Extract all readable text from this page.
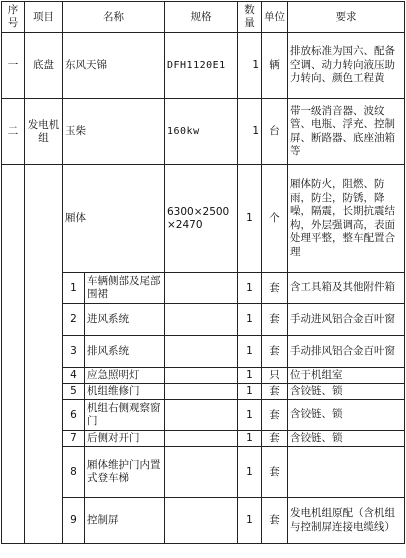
序号	项目	名称		规格	数量	单位	要求
一	底盘	东风天锦		DFH1120E1	1	辆	排放标准为国六、配备空调、动力转向液压助力转向、颜色工程黄
二	发电机组	玉柴		160kw	1	台	带一级消音器、波纹管、电瓶、浮充、控制屏、断路器、底座油箱等
		厢体		6300×2500×2470	1	个	厢体防火，阻燃、防雨，防尘，防锈，降噪，隔震，长期抗震结构，外层强调高，表面处理平整，整车配置合理
		1	车辆侧部及尾部围裙		1	套	含工具箱及其他附件箱
		2	进风系统		1	套	手动进风铝合金百叶窗
		3	排风系统		1	套	手动排风铝合金百叶窗
		4	应急照明灯		1	只	位于机组室
		5	机组维修门		1	套	含铰链、锁
		6	机组右侧观察窗门		1	套	含铰链、锁
		7	后侧对开门		1	套	含铰链、锁
		8	厢体维护门内置式登车梯		1	套	
		9	控制屏		1	套	发电机组原配（含机组与控制屏连接电缆线）
